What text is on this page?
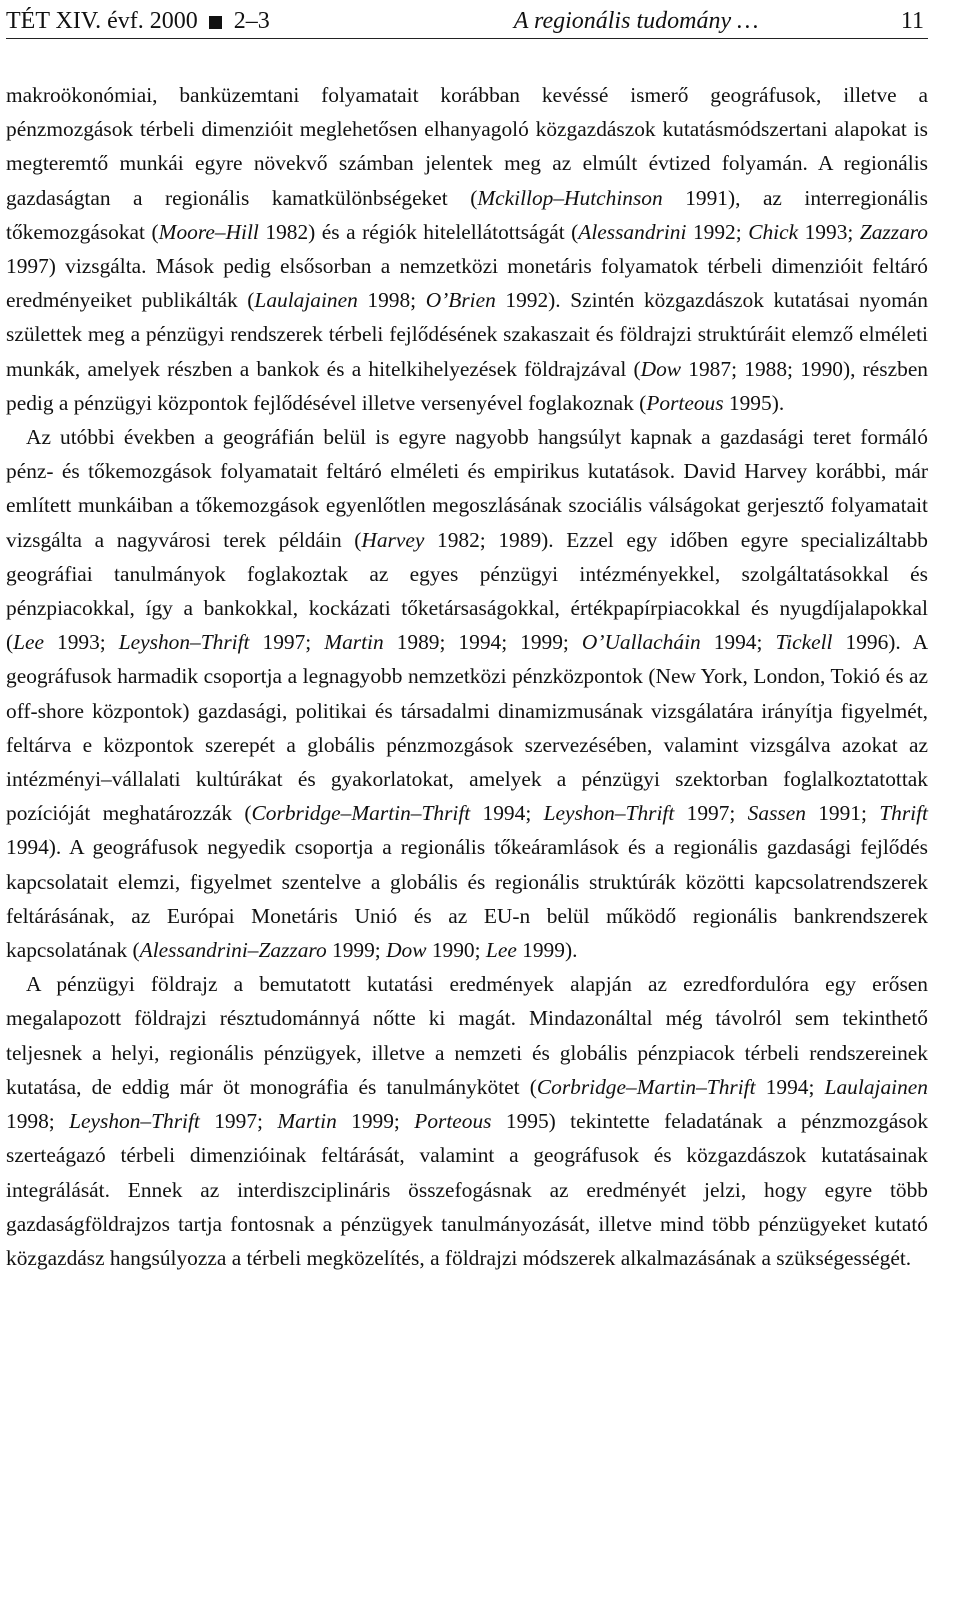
TÉT XIV. évf. 2000 2–3	A regionális tudomány …	11

makroökonómiai, banküzemtani folyamatait korábban kevéssé ismerő geográfusok, illetve a pénzmozgások térbeli dimenzióit meglehetősen elhanyagoló közgazdászok kutatásmódszertani alapokat is megteremtő munkái egyre növekvő számban jelentek meg az elmúlt évtized folyamán. A regionális gazdaságtan a regionális kamatkülönbségeket (Mckillop–Hutchinson 1991), az interregionális tőkemozgásokat (Moore–Hill 1982) és a régiók hitelellátottságát (Alessandrini 1992; Chick 1993; Zazzaro 1997) vizsgálta. Mások pedig elsősorban a nemzetközi monetáris folyamatok térbeli dimenzióit feltáró eredményeiket publikálták (Laulajainen 1998; O’Brien 1992). Szintén közgazdászok kutatásai nyomán születtek meg a pénzügyi rendszerek térbeli fejlődésének szakaszait és földrajzi struktúráit elemző elméleti munkák, amelyek részben a bankok és a hitelkihelyezések földrajzával (Dow 1987; 1988; 1990), részben pedig a pénzügyi központok fejlődésével illetve versenyével foglakoznak (Porteous 1995).

Az utóbbi években a geográfián belül is egyre nagyobb hangsúlyt kapnak a gazdasági teret formáló pénz- és tőkemozgások folyamatait feltáró elméleti és empirikus kutatások. David Harvey korábbi, már említett munkáiban a tőkemozgások egyenlőtlen megoszlásának szociális válságokat gerjesztő folyamatait vizsgálta a nagyvárosi terek példáin (Harvey 1982; 1989). Ezzel egy időben egyre specializáltabb geográfiai tanulmányok foglakoztak az egyes pénzügyi intézményekkel, szolgáltatásokkal és pénzpiacokkal, így a bankokkal, kockázati tőketársaságokkal, értékpapírpiacokkal és nyugdíjalapokkal (Lee 1993; Leyshon–Thrift 1997; Martin 1989; 1994; 1999; O’Uallacháin 1994; Tickell 1996). A geográfusok harmadik csoportja a legnagyobb nemzetközi pénzközpontok (New York, London, Tokió és az off-shore központok) gazdasági, politikai és társadalmi dinamizmusának vizsgálatára irányítja figyelmét, feltárva e központok szerepét a globális pénzmozgások szervezésében, valamint vizsgálva azokat az intézményi–vállalati kultúrákat és gyakorlatokat, amelyek a pénzügyi szektorban foglalkoztatottak pozícióját meghatározzák (Corbridge–Martin–Thrift 1994; Leyshon–Thrift 1997; Sassen 1991; Thrift 1994). A geográfusok negyedik csoportja a regionális tőkeáramlások és a regionális gazdasági fejlődés kapcsolatait elemzi, figyelmet szentelve a globális és regionális struktúrák közötti kapcsolatrendszerek feltárásának, az Európai Monetáris Unió és az EU-n belül működő regionális bankrendszerek kapcsolatának (Alessandrini–Zazzaro 1999; Dow 1990; Lee 1999).

A pénzügyi földrajz a bemutatott kutatási eredmények alapján az ezredfordulóra egy erősen megalapozott földrajzi résztudománnyá nőtte ki magát. Mindazonáltal még távolról sem tekinthető teljesnek a helyi, regionális pénzügyek, illetve a nemzeti és globális pénzpiacok térbeli rendszereinek kutatása, de eddig már öt monográfia és tanulmánykötet (Corbridge–Martin–Thrift 1994; Laulajainen 1998; Leyshon–Thrift 1997; Martin 1999; Porteous 1995) tekintette feladatának a pénzmozgások szerteágazó térbeli dimenzióinak feltárását, valamint a geográfusok és közgazdászok kutatásainak integrálását. Ennek az interdiszciplináris összefogásnak az eredményét jelzi, hogy egyre több gazdaságföldrajzos tartja fontosnak a pénzügyek tanulmányozását, illetve mind több pénzügyeket kutató közgazdász hangsúlyozza a térbeli megközelítés, a földrajzi módszerek alkalmazásának a szükségességét.
